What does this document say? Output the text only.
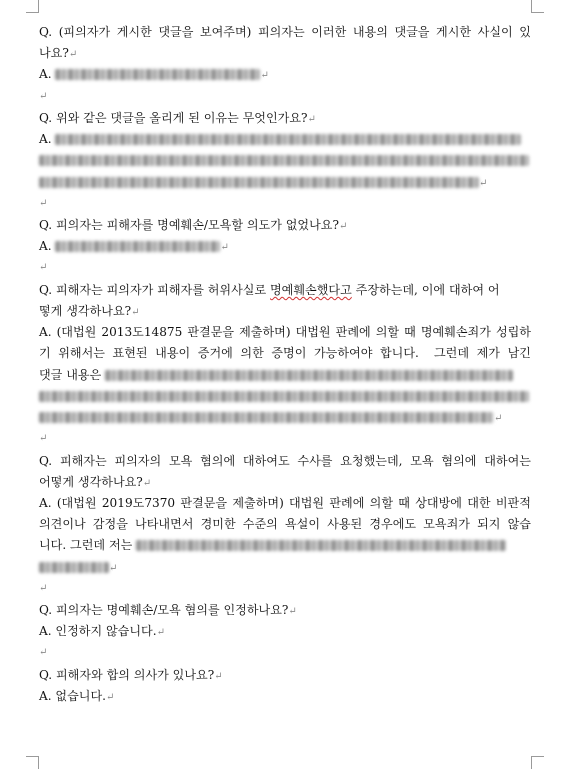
Q. (피의자가 게시한 댓글을 보여주며) 피의자는 이러한 내용의 댓글을 게시한 사실이 있
나요?↵
A.	↵
↵
Q. 위와 같은 댓글을 올리게 된 이유는 무엇인가요?↵
A.
↵
↵
Q. 피의자는 피해자를 명예훼손/모욕할 의도가 없었나요?↵
A.	↵
↵
Q. 피해자는 피의자가 피해자를 허위사실로 명예훼손했다고 주장하는데, 이에 대하여 어
떻게 생각하나요?↵
A. (대법원 2013도14875 판결문을 제출하며) 대법원 판례에 의할 때 명예훼손죄가 성립하
기 위해서는 표현된 내용이 증거에 의한 증명이 가능하여야 합니다. 그런데 제가 남긴
댓글 내용은
↵
↵
Q. 피해자는 피의자의 모욕 혐의에 대하여도 수사를 요청했는데, 모욕 혐의에 대하여는
어떻게 생각하나요?↵
A. (대법원 2019도7370 판결문을 제출하며) 대법원 판례에 의할 때 상대방에 대한 비판적
의견이나 감정을 나타내면서 경미한 수준의 욕설이 사용된 경우에도 모욕죄가 되지 않습
니다. 그런데 저는
↵
↵
Q. 피의자는 명예훼손/모욕 혐의를 인정하나요?↵
A. 인정하지 않습니다.↵
↵
Q. 피해자와 합의 의사가 있나요?↵
A. 없습니다.↵
